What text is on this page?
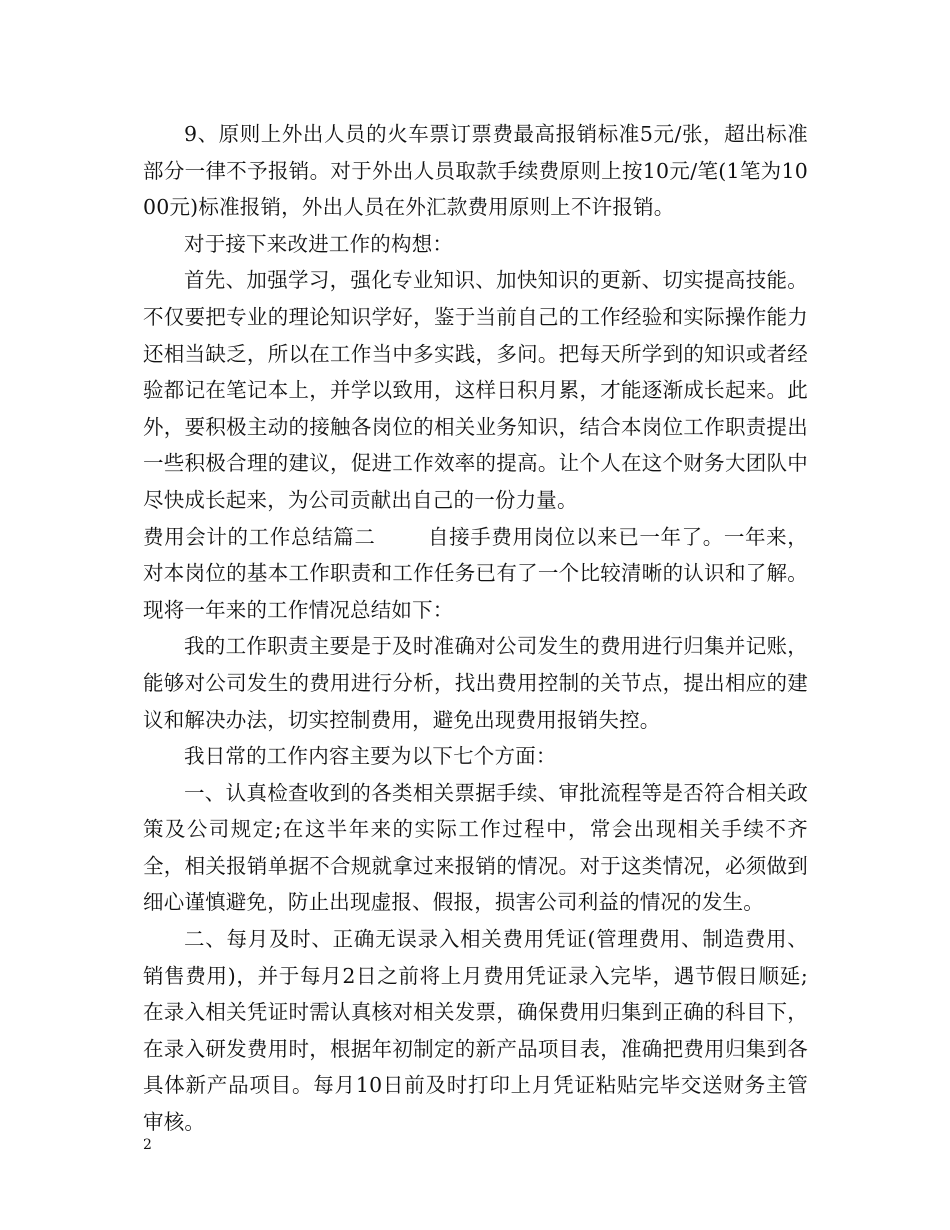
9、原则上外出人员的火车票订票费最高报销标准5元/张，超出标准部分一律不予报销。对于外出人员取款手续费原则上按10元/笔(1笔为1000元)标准报销，外出人员在外汇款费用原则上不许报销。

对于接下来改进工作的构想：

首先、加强学习，强化专业知识、加快知识的更新、切实提高技能。不仅要把专业的理论知识学好，鉴于当前自己的工作经验和实际操作能力还相当缺乏，所以在工作当中多实践，多问。把每天所学到的知识或者经验都记在笔记本上，并学以致用，这样日积月累，才能逐渐成长起来。此外，要积极主动的接触各岗位的相关业务知识，结合本岗位工作职责提出一些积极合理的建议，促进工作效率的提高。让个人在这个财务大团队中尽快成长起来，为公司贡献出自己的一份力量。

费用会计的工作总结篇二	自接手费用岗位以来已一年了。一年来，对本岗位的基本工作职责和工作任务已有了一个比较清晰的认识和了解。现将一年来的工作情况总结如下：

我的工作职责主要是于及时准确对公司发生的费用进行归集并记账，能够对公司发生的费用进行分析，找出费用控制的关节点，提出相应的建议和解决办法，切实控制费用，避免出现费用报销失控。

我日常的工作内容主要为以下七个方面：

一、认真检查收到的各类相关票据手续、审批流程等是否符合相关政策及公司规定;在这半年来的实际工作过程中，常会出现相关手续不齐全，相关报销单据不合规就拿过来报销的情况。对于这类情况，必须做到细心谨慎避免，防止出现虚报、假报，损害公司利益的情况的发生。

二、每月及时、正确无误录入相关费用凭证(管理费用、制造费用、销售费用)，并于每月2日之前将上月费用凭证录入完毕，遇节假日顺延;在录入相关凭证时需认真核对相关发票，确保费用归集到正确的科目下，在录入研发费用时，根据年初制定的新产品项目表，准确把费用归集到各具体新产品项目。每月10日前及时打印上月凭证粘贴完毕交送财务主管审核。

2
